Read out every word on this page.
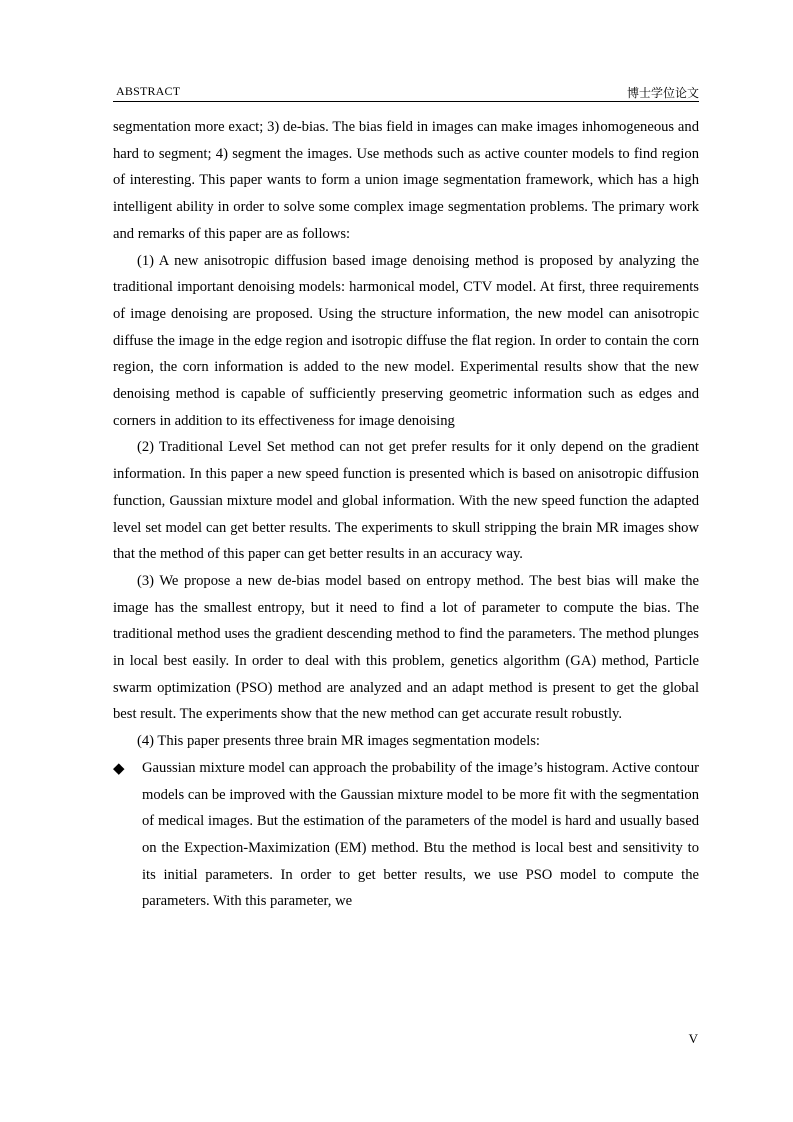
ABSTRACT	博士学位论文

segmentation more exact; 3) de-bias. The bias field in images can make images inhomogeneous and hard to segment; 4) segment the images. Use methods such as active counter models to find region of interesting. This paper wants to form a union image segmentation framework, which has a high intelligent ability in order to solve some complex image segmentation problems. The primary work and remarks of this paper are as follows:

(1) A new anisotropic diffusion based image denoising method is proposed by analyzing the traditional important denoising models: harmonical model, CTV model. At first, three requirements of image denoising are proposed. Using the structure information, the new model can anisotropic diffuse the image in the edge region and isotropic diffuse the flat region. In order to contain the corn region, the corn information is added to the new model. Experimental results show that the new denoising method is capable of sufficiently preserving geometric information such as edges and corners in addition to its effectiveness for image denoising

(2) Traditional Level Set method can not get prefer results for it only depend on the gradient information. In this paper a new speed function is presented which is based on anisotropic diffusion function, Gaussian mixture model and global information. With the new speed function the adapted level set model can get better results. The experiments to skull stripping the brain MR images show that the method of this paper can get better results in an accuracy way.

(3) We propose a new de-bias model based on entropy method. The best bias will make the image has the smallest entropy, but it need to find a lot of parameter to compute the bias. The traditional method uses the gradient descending method to find the parameters. The method plunges in local best easily. In order to deal with this problem, genetics algorithm (GA) method, Particle swarm optimization (PSO) method are analyzed and an adapt method is present to get the global best result. The experiments show that the new method can get accurate result robustly.

(4) This paper presents three brain MR images segmentation models:

◆ Gaussian mixture model can approach the probability of the image’s histogram. Active contour models can be improved with the Gaussian mixture model to be more fit with the segmentation of medical images. But the estimation of the parameters of the model is hard and usually based on the Expection-Maximization (EM) method. Btu the method is local best and sensitivity to its initial parameters. In order to get better results, we use PSO model to compute the parameters. With this parameter, we
V
